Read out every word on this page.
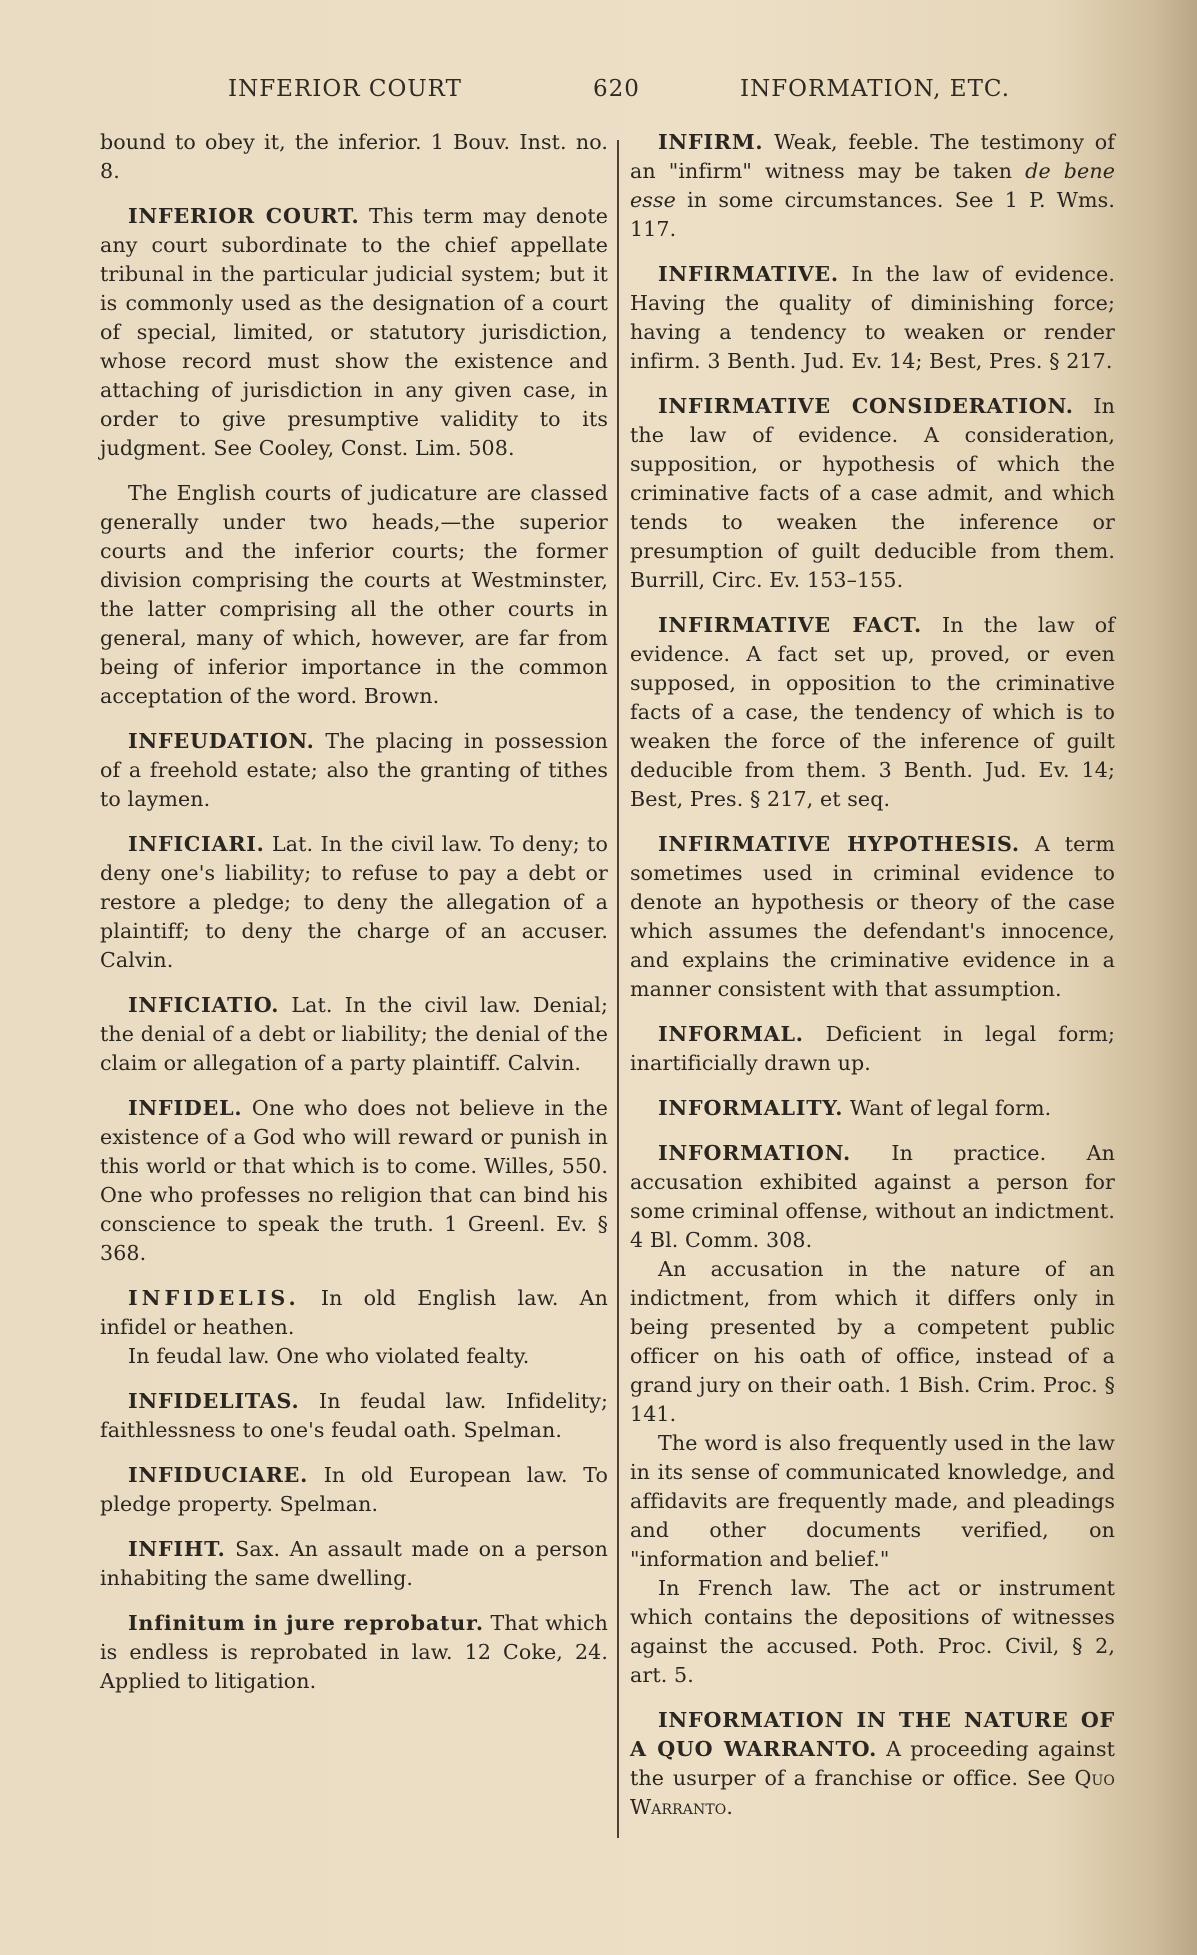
INFERIOR COURT	620	INFORMATION, ETC.

bound to obey it, the inferior. 1 Bouv. Inst. no. 8.

INFERIOR COURT. This term may denote any court subordinate to the chief appellate tribunal in the particular judicial system; but it is commonly used as the designation of a court of special, limited, or statutory jurisdiction, whose record must show the existence and attaching of jurisdiction in any given case, in order to give presumptive validity to its judgment. See Cooley, Const. Lim. 508.

The English courts of judicature are classed generally under two heads,—the superior courts and the inferior courts; the former division comprising the courts at Westminster, the latter comprising all the other courts in general, many of which, however, are far from being of inferior importance in the common acceptation of the word. Brown.

INFEUDATION. The placing in possession of a freehold estate; also the granting of tithes to laymen.

INFICIARI. Lat. In the civil law. To deny; to deny one's liability; to refuse to pay a debt or restore a pledge; to deny the allegation of a plaintiff; to deny the charge of an accuser. Calvin.

INFICIATIO. Lat. In the civil law. Denial; the denial of a debt or liability; the denial of the claim or allegation of a party plaintiff. Calvin.

INFIDEL. One who does not believe in the existence of a God who will reward or punish in this world or that which is to come. Willes, 550. One who professes no religion that can bind his conscience to speak the truth. 1 Greenl. Ev. § 368.

INFIDELIS. In old English law. An infidel or heathen.

In feudal law. One who violated fealty.

INFIDELITAS. In feudal law. Infidelity; faithlessness to one's feudal oath. Spelman.

INFIDUCIARE. In old European law. To pledge property. Spelman.

INFIHT. Sax. An assault made on a person inhabiting the same dwelling.

Infinitum in jure reprobatur. That which is endless is reprobated in law. 12 Coke, 24. Applied to litigation.

INFIRM. Weak, feeble. The testimony of an "infirm" witness may be taken de bene esse in some circumstances. See 1 P. Wms. 117.

INFIRMATIVE. In the law of evidence. Having the quality of diminishing force; having a tendency to weaken or render infirm. 3 Benth. Jud. Ev. 14; Best, Pres. § 217.

INFIRMATIVE CONSIDERATION. In the law of evidence. A consideration, supposition, or hypothesis of which the criminative facts of a case admit, and which tends to weaken the inference or presumption of guilt deducible from them. Burrill, Circ. Ev. 153–155.

INFIRMATIVE FACT. In the law of evidence. A fact set up, proved, or even supposed, in opposition to the criminative facts of a case, the tendency of which is to weaken the force of the inference of guilt deducible from them. 3 Benth. Jud. Ev. 14; Best, Pres. § 217, et seq.

INFIRMATIVE HYPOTHESIS. A term sometimes used in criminal evidence to denote an hypothesis or theory of the case which assumes the defendant's innocence, and explains the criminative evidence in a manner consistent with that assumption.

INFORMAL. Deficient in legal form; inartificially drawn up.

INFORMALITY. Want of legal form.

INFORMATION. In practice. An accusation exhibited against a person for some criminal offense, without an indictment. 4 Bl. Comm. 308.

An accusation in the nature of an indictment, from which it differs only in being presented by a competent public officer on his oath of office, instead of a grand jury on their oath. 1 Bish. Crim. Proc. § 141.

The word is also frequently used in the law in its sense of communicated knowledge, and affidavits are frequently made, and pleadings and other documents verified, on "information and belief."

In French law. The act or instrument which contains the depositions of witnesses against the accused. Poth. Proc. Civil, § 2, art. 5.

INFORMATION IN THE NATURE OF A QUO WARRANTO. A proceeding against the usurper of a franchise or office. See Quo Warranto.
